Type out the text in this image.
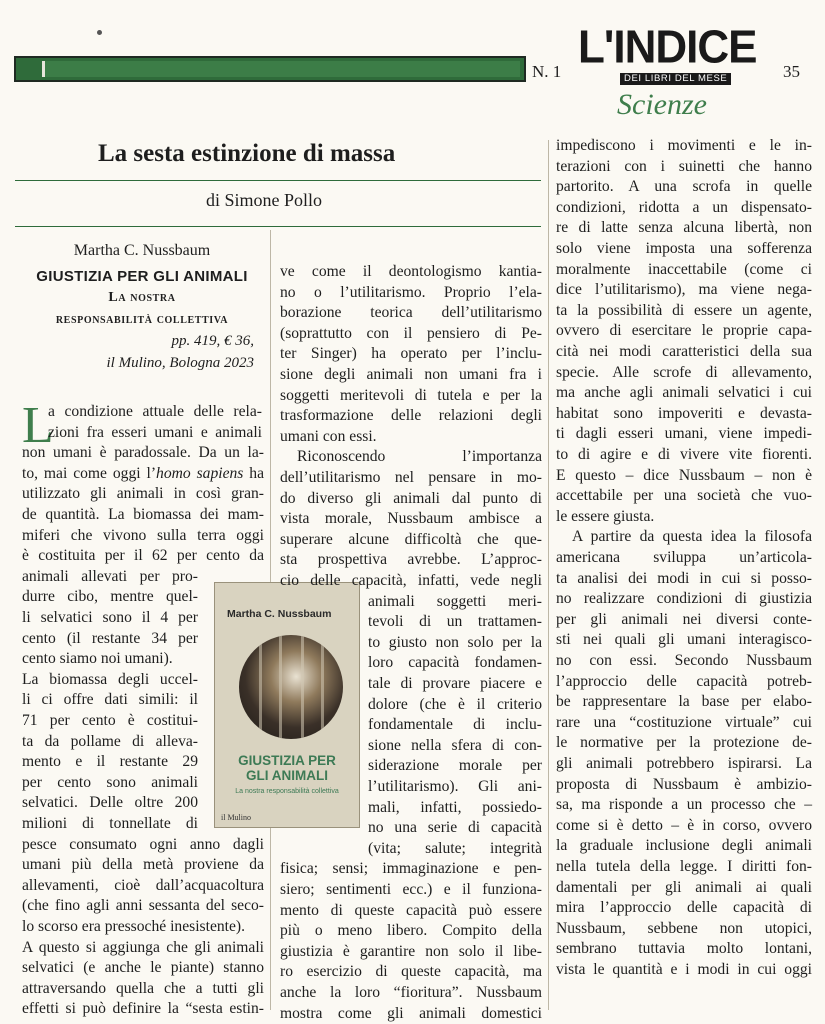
N. 1 L'INDICE
DEI LIBRI DEL MESE	35
Scienze
La sesta estinzione di massa
di Simone Pollo
Martha C. Nussbaum
GIUSTIZIA PER GLI ANIMALI
La nostra
responsabilità collettiva
pp. 419, € 36,
il Mulino, Bologna 2023
L
Martha C. Nussbaum
GIUSTIZIA PER
GLI ANIMALI
La nostra responsabilità collettiva
il Mulino
a condizione attuale delle rela-
zioni fra esseri umani e animali
non umani è paradossale. Da un la-
to, mai come oggi l’homo sapiens ha
utilizzato gli animali in così gran-
de quantità. La biomassa dei mam-
miferi che vivono sulla terra oggi
è costituita per il 62 per cento da
animali allevati per pro-
durre cibo, mentre quel-
li selvatici sono il 4 per
cento (il restante 34 per
cento siamo noi umani).
La biomassa degli uccel-
li ci offre dati simili: il
71 per cento è costitui-
ta da pollame di alleva-
mento e il restante 29
per cento sono animali
selvatici. Delle oltre 200
milioni di tonnellate di
pesce consumato ogni anno dagli
umani più della metà proviene da
allevamenti, cioè dall’acquacoltura
(che fino agli anni sessanta del seco-
lo scorso era pressoché inesistente).
A questo si aggiunga che gli animali
selvatici (e anche le piante) stanno
attraversando quella che a tutti gli
effetti si può definire la “sesta estin-
ve come il deontologismo kantia-
no o l’utilitarismo. Proprio l’ela-
borazione teorica dell’utilitarismo
(soprattutto con il pensiero di Pe-
ter Singer) ha operato per l’inclu-
sione degli animali non umani fra i
soggetti meritevoli di tutela e per la
trasformazione delle relazioni degli
umani con essi.
Riconoscendo l’importanza
dell’utilitarismo nel pensare in mo-
do diverso gli animali dal punto di
vista morale, Nussbaum ambisce a
superare alcune difficoltà che que-
sta prospettiva avrebbe. L’approc-
cio delle capacità, infatti, vede negli
animali soggetti meri-
tevoli di un trattamen-
to giusto non solo per la
loro capacità fondamen-
tale di provare piacere e
dolore (che è il criterio
fondamentale di inclu-
sione nella sfera di con-
siderazione morale per
l’utilitarismo). Gli ani-
mali, infatti, possiedo-
no una serie di capacità
(vita; salute; integrità
fisica; sensi; immaginazione e pen-
siero; sentimenti ecc.) e il funziona-
mento di queste capacità può essere
più o meno libero. Compito della
giustizia è garantire non solo il libe-
ro esercizio di queste capacità, ma
anche la loro “fioritura”. Nussbaum
mostra come gli animali domestici
impediscono i movimenti e le in-
terazioni con i suinetti che hanno
partorito. A una scrofa in quelle
condizioni, ridotta a un dispensato-
re di latte senza alcuna libertà, non
solo viene imposta una sofferenza
moralmente inaccettabile (come ci
dice l’utilitarismo), ma viene nega-
ta la possibilità di essere un agente,
ovvero di esercitare le proprie capa-
cità nei modi caratteristici della sua
specie. Alle scrofe di allevamento,
ma anche agli animali selvatici i cui
habitat sono impoveriti e devasta-
ti dagli esseri umani, viene impedi-
to di agire e di vivere vite fiorenti.
E questo – dice Nussbaum – non è
accettabile per una società che vuo-
le essere giusta.
A partire da questa idea la filosofa
americana sviluppa un’articola-
ta analisi dei modi in cui si posso-
no realizzare condizioni di giustizia
per gli animali nei diversi conte-
sti nei quali gli umani interagisco-
no con essi. Secondo Nussbaum
l’approccio delle capacità potreb-
be rappresentare la base per elabo-
rare una “costituzione virtuale” cui
le normative per la protezione de-
gli animali potrebbero ispirarsi. La
proposta di Nussbaum è ambizio-
sa, ma risponde a un processo che –
come si è detto – è in corso, ovvero
la graduale inclusione degli animali
nella tutela della legge. I diritti fon-
damentali per gli animali ai quali
mira l’approccio delle capacità di
Nussbaum, sebbene non utopici,
sembrano tuttavia molto lontani,
vista le quantità e i modi in cui oggi
